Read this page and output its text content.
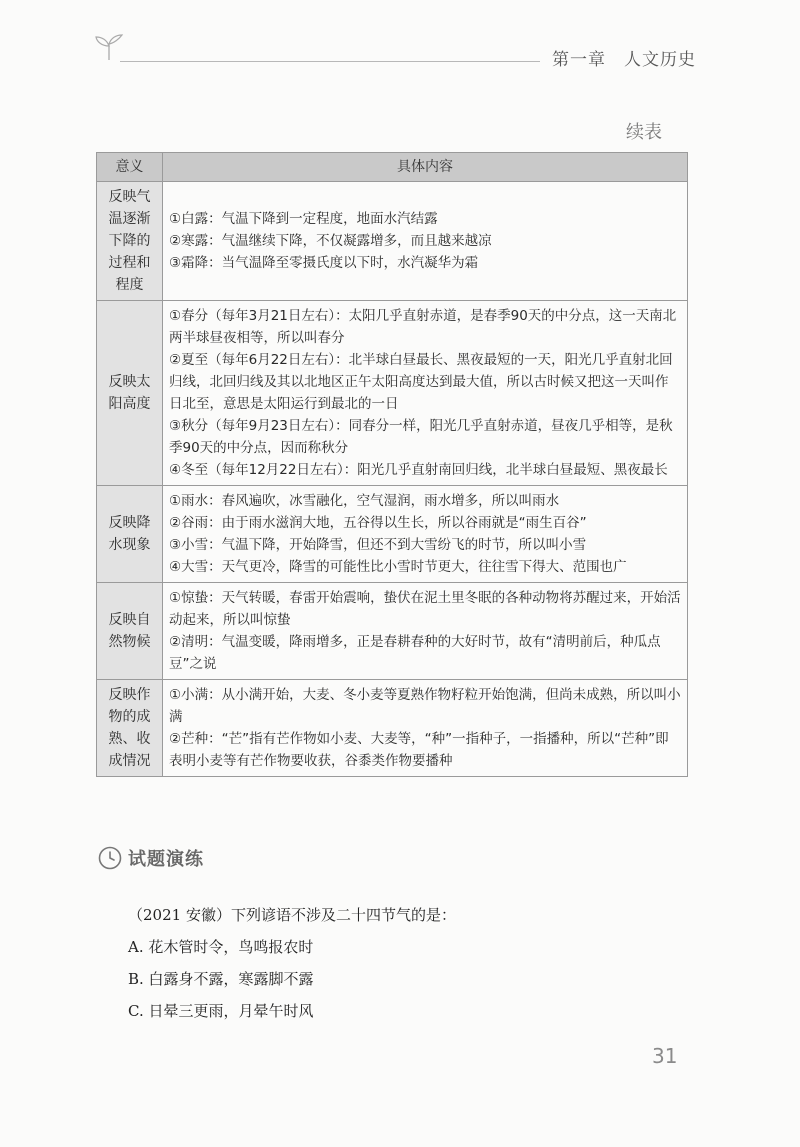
第一章 人文历史
续表
意义	具体内容
反映气温逐渐下降的过程和程度	①白露：气温下降到一定程度，地面水汽结露
②寒露：气温继续下降，不仅凝露增多，而且越来越凉
③霜降：当气温降至零摄氏度以下时，水汽凝华为霜

反映太阳高度	①春分（每年3月21日左右）：太阳几乎直射赤道，是春季90天的中分点，这一天南北两半球昼夜相等，所以叫春分
②夏至（每年6月22日左右）：北半球白昼最长、黑夜最短的一天，阳光几乎直射北回归线，北回归线及其以北地区正午太阳高度达到最大值，所以古时候又把这一天叫作日北至，意思是太阳运行到最北的一日
③秋分（每年9月23日左右）：同春分一样，阳光几乎直射赤道，昼夜几乎相等，是秋季90天的中分点，因而称秋分
④冬至（每年12月22日左右）：阳光几乎直射南回归线，北半球白昼最短、黑夜最长

反映降水现象	①雨水：春风遍吹，冰雪融化，空气湿润，雨水增多，所以叫雨水
②谷雨：由于雨水滋润大地，五谷得以生长，所以谷雨就是“雨生百谷”
③小雪：气温下降，开始降雪，但还不到大雪纷飞的时节，所以叫小雪
④大雪：天气更冷，降雪的可能性比小雪时节更大，往往雪下得大、范围也广

反映自然物候	①惊蛰：天气转暖，春雷开始震响，蛰伏在泥土里冬眠的各种动物将苏醒过来，开始活动起来，所以叫惊蛰
②清明：气温变暖，降雨增多，正是春耕春种的大好时节，故有“清明前后，种瓜点豆”之说

反映作物的成熟、收成情况	①小满：从小满开始，大麦、冬小麦等夏熟作物籽粒开始饱满，但尚未成熟，所以叫小满
②芒种：“芒”指有芒作物如小麦、大麦等，“种”一指种子，一指播种，所以“芒种”即表明小麦等有芒作物要收获，谷黍类作物要播种
试题演练
（2021 安徽）下列谚语不涉及二十四节气的是：
A. 花木管时令，鸟鸣报农时
B. 白露身不露，寒露脚不露
C. 日晕三更雨，月晕午时风
31
